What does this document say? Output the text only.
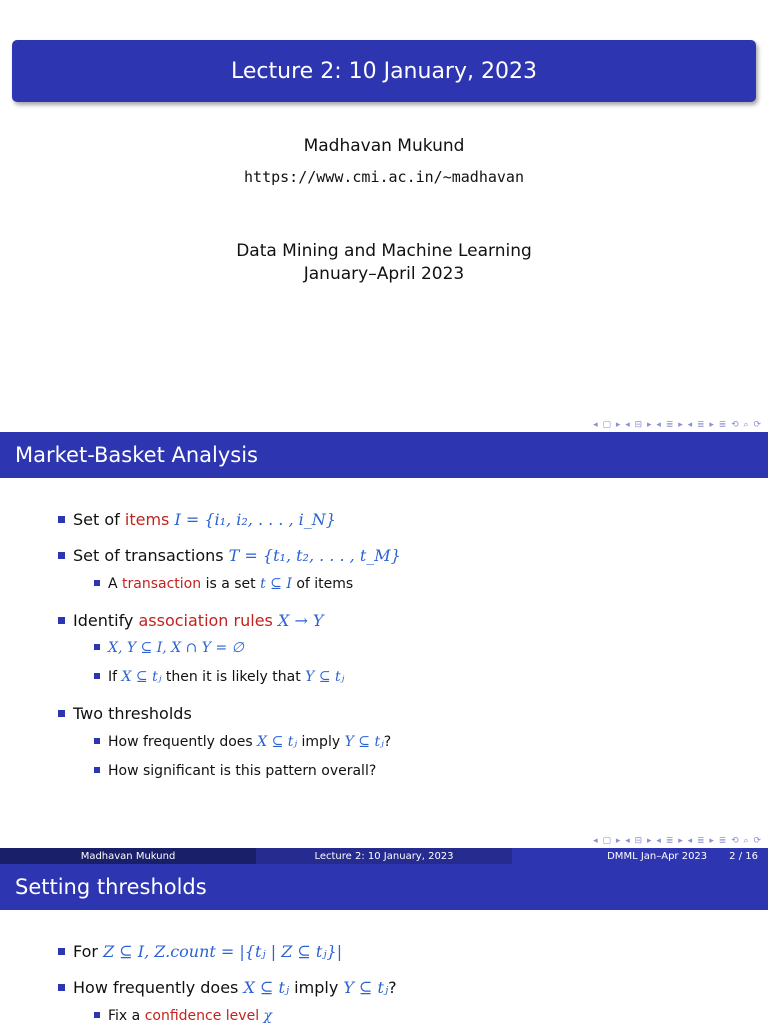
Lecture 2: 10 January, 2023
Madhavan Mukund
https://www.cmi.ac.in/~madhavan
Data Mining and Machine Learning
January–April 2023
◂ ▢ ▸ ◂ ⊟ ▸ ◂ ≣ ▸ ◂ ≣ ▸ ≣ ⟲ ⌕ ⟳
Market-Basket Analysis
Set of items I = {i₁, i₂, . . . , i_N}
Set of transactions T = {t₁, t₂, . . . , t_M}
A transaction is a set t ⊆ I of items
Identify association rules X → Y
X, Y ⊆ I, X ∩ Y = ∅
If X ⊆ tⱼ then it is likely that Y ⊆ tⱼ
Two thresholds
How frequently does X ⊆ tⱼ imply Y ⊆ tⱼ?
How significant is this pattern overall?
◂ ▢ ▸ ◂ ⊟ ▸ ◂ ≣ ▸ ◂ ≣ ▸ ≣ ⟲ ⌕ ⟳
Madhavan Mukund	Lecture 2: 10 January, 2023	DMML Jan–Apr 2023 2 / 16
Setting thresholds
For Z ⊆ I, Z.count = |{tⱼ | Z ⊆ tⱼ}|
How frequently does X ⊆ tⱼ imply Y ⊆ tⱼ?
Fix a confidence level χ
